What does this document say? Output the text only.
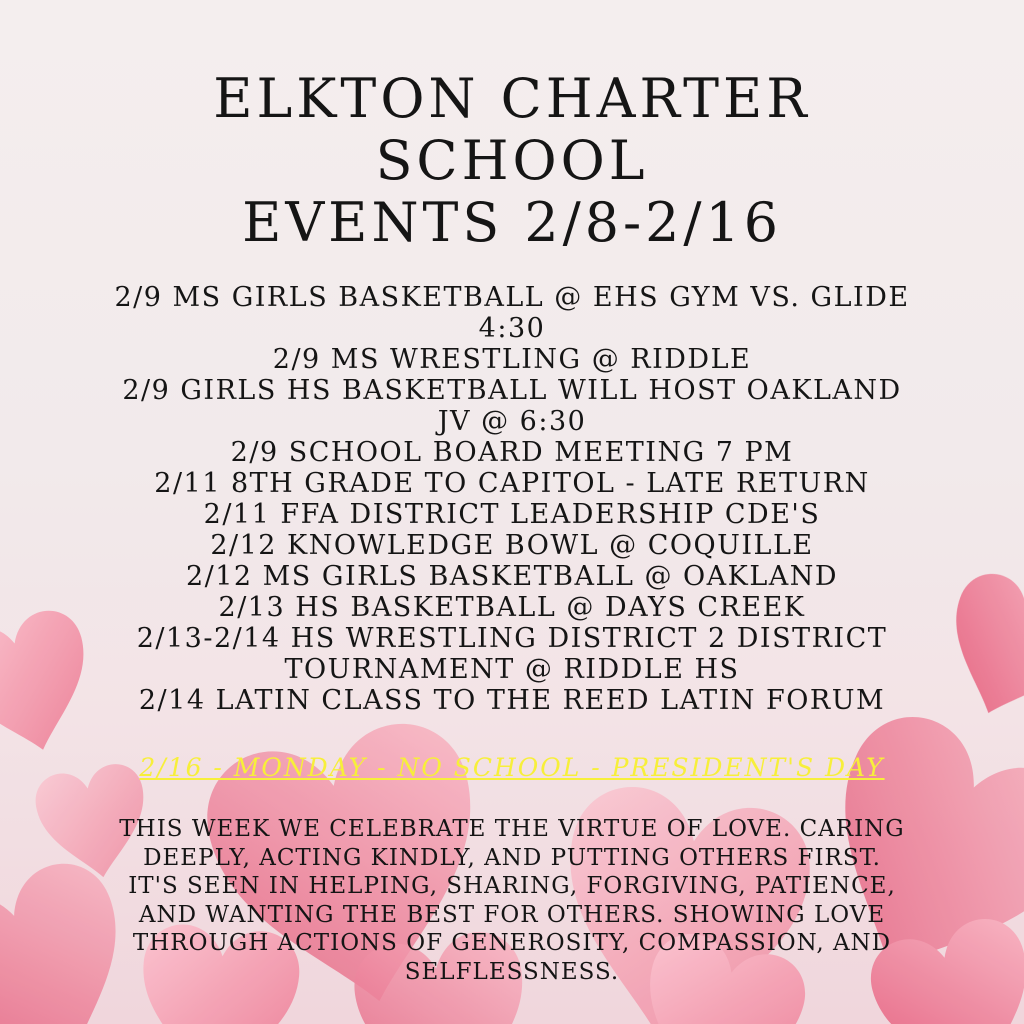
ELKTON CHARTER
SCHOOL
EVENTS 2/8-2/16
2/9 MS GIRLS BASKETBALL @ EHS GYM VS. GLIDE
4:30
2/9 MS WRESTLING @ RIDDLE
2/9 GIRLS HS BASKETBALL WILL HOST OAKLAND
JV @ 6:30
2/9 SCHOOL BOARD MEETING 7 PM
2/11 8TH GRADE TO CAPITOL - LATE RETURN
2/11 FFA DISTRICT LEADERSHIP CDE'S
2/12 KNOWLEDGE BOWL @ COQUILLE
2/12 MS GIRLS BASKETBALL @ OAKLAND
2/13 HS BASKETBALL @ DAYS CREEK
2/13-2/14 HS WRESTLING DISTRICT 2 DISTRICT
TOURNAMENT @ RIDDLE HS
2/14 LATIN CLASS TO THE REED LATIN FORUM
2/16 - MONDAY - NO SCHOOL - PRESIDENT'S DAY

THIS WEEK WE CELEBRATE THE VIRTUE OF LOVE. CARING
DEEPLY, ACTING KINDLY, AND PUTTING OTHERS FIRST.
IT'S SEEN IN HELPING, SHARING, FORGIVING, PATIENCE,
AND WANTING THE BEST FOR OTHERS. SHOWING LOVE
THROUGH ACTIONS OF GENEROSITY, COMPASSION, AND
SELFLESSNESS.
